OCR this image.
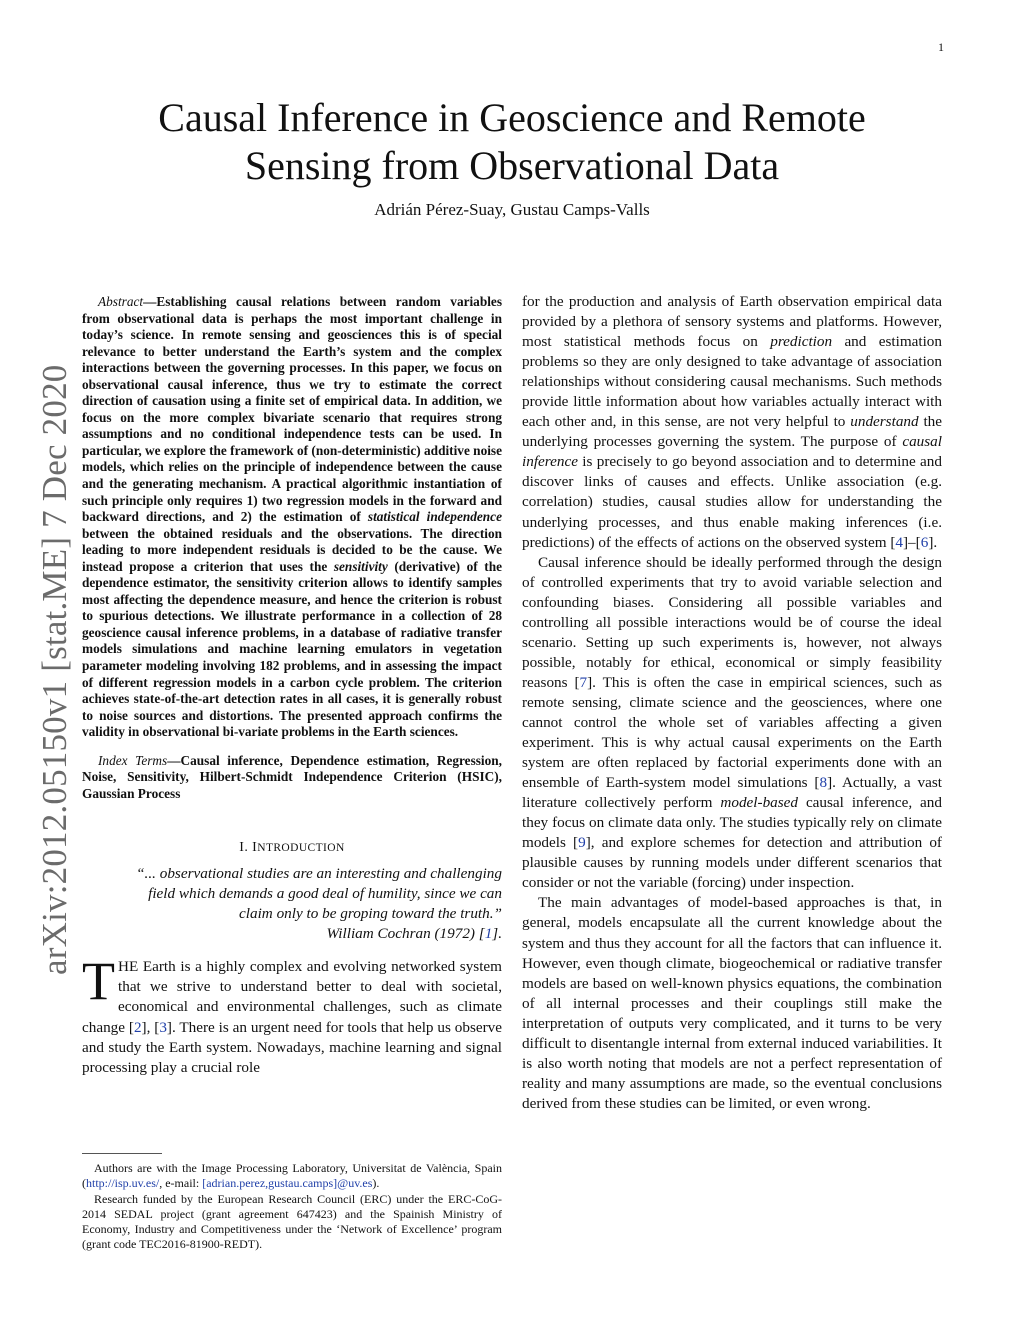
1
arXiv:2012.05150v1 [stat.ME] 7 Dec 2020
Causal Inference in Geoscience and Remote Sensing from Observational Data
Adrián Pérez-Suay, Gustau Camps-Valls

Abstract—Establishing causal relations between random variables from observational data is perhaps the most important challenge in today’s science. In remote sensing and geosciences this is of special relevance to better understand the Earth’s system and the complex interactions between the governing processes. In this paper, we focus on observational causal inference, thus we try to estimate the correct direction of causation using a finite set of empirical data. In addition, we focus on the more complex bivariate scenario that requires strong assumptions and no conditional independence tests can be used. In particular, we explore the framework of (non-deterministic) additive noise models, which relies on the principle of independence between the cause and the generating mechanism. A practical algorithmic instantiation of such principle only requires 1) two regression models in the forward and backward directions, and 2) the estimation of statistical independence between the obtained residuals and the observations. The direction leading to more independent residuals is decided to be the cause. We instead propose a criterion that uses the sensitivity (derivative) of the dependence estimator, the sensitivity criterion allows to identify samples most affecting the dependence measure, and hence the criterion is robust to spurious detections. We illustrate performance in a collection of 28 geoscience causal inference problems, in a database of radiative transfer models simulations and machine learning emulators in vegetation parameter modeling involving 182 problems, and in assessing the impact of different regression models in a carbon cycle problem. The criterion achieves state-of-the-art detection rates in all cases, it is generally robust to noise sources and distortions. The presented approach confirms the validity in observational bi-variate problems in the Earth sciences.

Index Terms—Causal inference, Dependence estimation, Regression, Noise, Sensitivity, Hilbert-Schmidt Independence Criterion (HSIC), Gaussian Process

I. INTRODUCTION

“... observational studies are an interesting and challenging
field which demands a good deal of humility, since we can
claim only to be groping toward the truth.”
William Cochran (1972) [1].

THE Earth is a highly complex and evolving networked system that we strive to understand better to deal with societal, economical and environmental challenges, such as climate change [2], [3]. There is an urgent need for tools that help us observe and study the Earth system. Nowadays, machine learning and signal processing play a crucial role

Authors are with the Image Processing Laboratory, Universitat de València, Spain (http://isp.uv.es/, e-mail: [adrian.perez,gustau.camps]@uv.es).

Research funded by the European Research Council (ERC) under the ERC-CoG-2014 SEDAL project (grant agreement 647423) and the Spainish Ministry of Economy, Industry and Competitiveness under the ‘Network of Excellence’ program (grant code TEC2016-81900-REDT).

for the production and analysis of Earth observation empirical data provided by a plethora of sensory systems and platforms. However, most statistical methods focus on prediction and estimation problems so they are only designed to take advantage of association relationships without considering causal mechanisms. Such methods provide little information about how variables actually interact with each other and, in this sense, are not very helpful to understand the underlying processes governing the system. The purpose of causal inference is precisely to go beyond association and to determine and discover links of causes and effects. Unlike association (e.g. correlation) studies, causal studies allow for understanding the underlying processes, and thus enable making inferences (i.e. predictions) of the effects of actions on the observed system [4]–[6].

Causal inference should be ideally performed through the design of controlled experiments that try to avoid variable selection and confounding biases. Considering all possible variables and controlling all possible interactions would be of course the ideal scenario. Setting up such experiments is, however, not always possible, notably for ethical, economical or simply feasibility reasons [7]. This is often the case in empirical sciences, such as remote sensing, climate science and the geosciences, where one cannot control the whole set of variables affecting a given experiment. This is why actual causal experiments on the Earth system are often replaced by factorial experiments done with an ensemble of Earth-system model simulations [8]. Actually, a vast literature collectively perform model-based causal inference, and they focus on climate data only. The studies typically rely on climate models [9], and explore schemes for detection and attribution of plausible causes by running models under different scenarios that consider or not the variable (forcing) under inspection.

The main advantages of model-based approaches is that, in general, models encapsulate all the current knowledge about the system and thus they account for all the factors that can influence it. However, even though climate, biogeochemical or radiative transfer models are based on well-known physics equations, the combination of all internal processes and their couplings still make the interpretation of outputs very complicated, and it turns to be very difficult to disentangle internal from external induced variabilities. It is also worth noting that models are not a perfect representation of reality and many assumptions are made, so the eventual conclusions derived from these studies can be limited, or even wrong.
